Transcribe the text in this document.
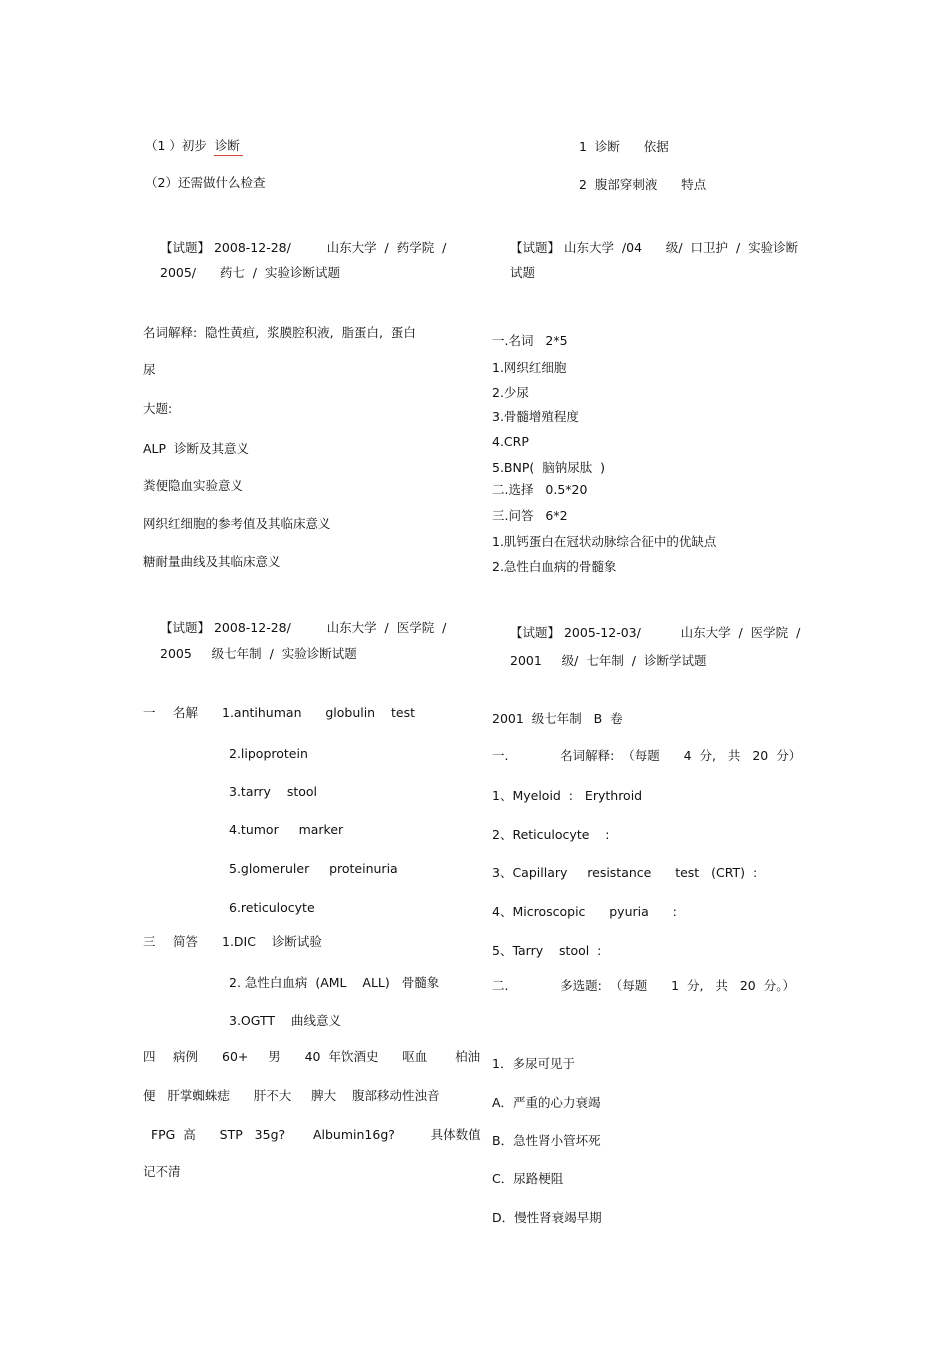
（1 ）初步  诊断
（2）还需做什么检查
【试题】 2008-12-28/         山东大学  /  药学院  /
2005/      药七  /  实验诊断试题
名词解释:  隐性黄疸,  浆膜腔积液,  脂蛋白,  蛋白
尿
大题:
ALP  诊断及其意义
粪便隐血实验意义
网织红细胞的参考值及其临床意义
糖耐量曲线及其临床意义
【试题】 2008-12-28/         山东大学  /  医学院  /
2005     级七年制  /  实验诊断试题
一 名解 1.antihuman      globulin    test
2.lipoprotein
3.tarry    stool
4.tumor     marker
5.glomeruler     proteinuria
6.reticulocyte
三 简答 1.DIC    诊断试验
2. 急性白血病  (AML    ALL)   骨髓象
3.OGTT    曲线意义
四 病例 60+     男      40  年饮酒史      呕血       柏油
便   肝掌蜘蛛痣      肝不大     脾大    腹部移动性浊音
FPG  高      STP   35g?       Albumin16g?         具体数值
记不清
1  诊断      依据
2  腹部穿刺液      特点
【试题】 山东大学  /04      级/  口卫护  /  实验诊断
试题
一.名词   2*5
1.网织红细胞
2.少尿
3.骨髓增殖程度
4.CRP
5.BNP(  脑钠尿肽  )
二.选择   0.5*20
三.问答   6*2
1.肌钙蛋白在冠状动脉综合征中的优缺点
2.急性白血病的骨髓象
【试题】 2005-12-03/          山东大学  /  医学院  /
2001     级/  七年制  /  诊断学试题
2001  级七年制   B  卷
一.             名词解释:  （每题      4  分,   共   20  分）
1、Myeloid  :   Erythroid
2、Reticulocyte    :
3、Capillary     resistance      test   (CRT)  :
4、Microscopic      pyuria      :
5、Tarry    stool  :
二.             多选题:  （每题      1  分,   共   20  分。）
1．多尿可见于
A．严重的心力衰竭
B．急性肾小管坏死
C．尿路梗阻
D．慢性肾衰竭早期
